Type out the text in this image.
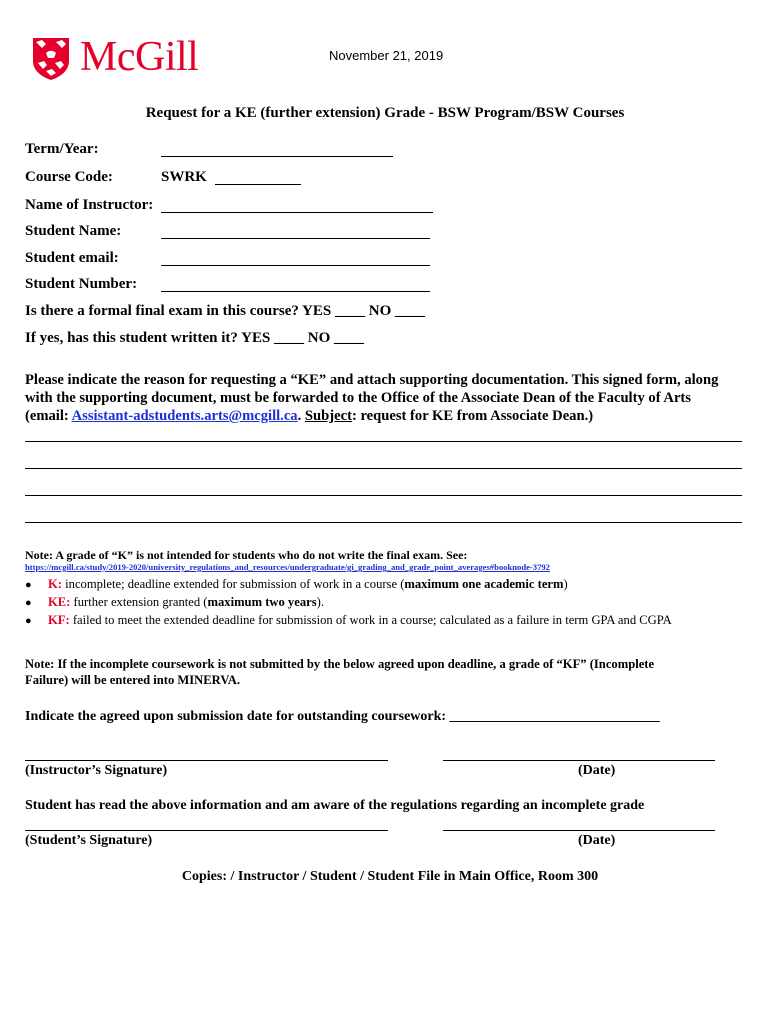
McGill	November 21, 2019
Request for a KE (further extension) Grade - BSW Program/BSW Courses
Term/Year:
Course Code:	SWRK
Name of Instructor:
Student Name:
Student email:
Student Number:
Is there a formal final exam in this course? YES ____ NO ____
If yes, has this student written it? YES ____ NO ____
Please indicate the reason for requesting a “KE” and attach supporting documentation. This signed form, along
with the supporting document, must be forwarded to the Office of the Associate Dean of the Faculty of Arts
(email: Assistant-adstudents.arts@mcgill.ca. Subject: request for KE from Associate Dean.)
Note: A grade of “K” is not intended for students who do not write the final exam. See:
https://mcgill.ca/study/2019-2020/university_regulations_and_resources/undergraduate/gi_grading_and_grade_point_averages#booknode-3792
●	K: incomplete; deadline extended for submission of work in a course (maximum one academic term)
●	KE: further extension granted (maximum two years).
●	KF: failed to meet the extended deadline for submission of work in a course; calculated as a failure in term GPA and CGPA
Note: If the incomplete coursework is not submitted by the below agreed upon deadline, a grade of “KF” (Incomplete
Failure) will be entered into MINERVA.
Indicate the agreed upon submission date for outstanding coursework: ______________________________
(Instructor’s Signature)	(Date)
Student has read the above information and am aware of the regulations regarding an incomplete grade
(Student’s Signature)	(Date)
Copies: / Instructor / Student / Student File in Main Office, Room 300
